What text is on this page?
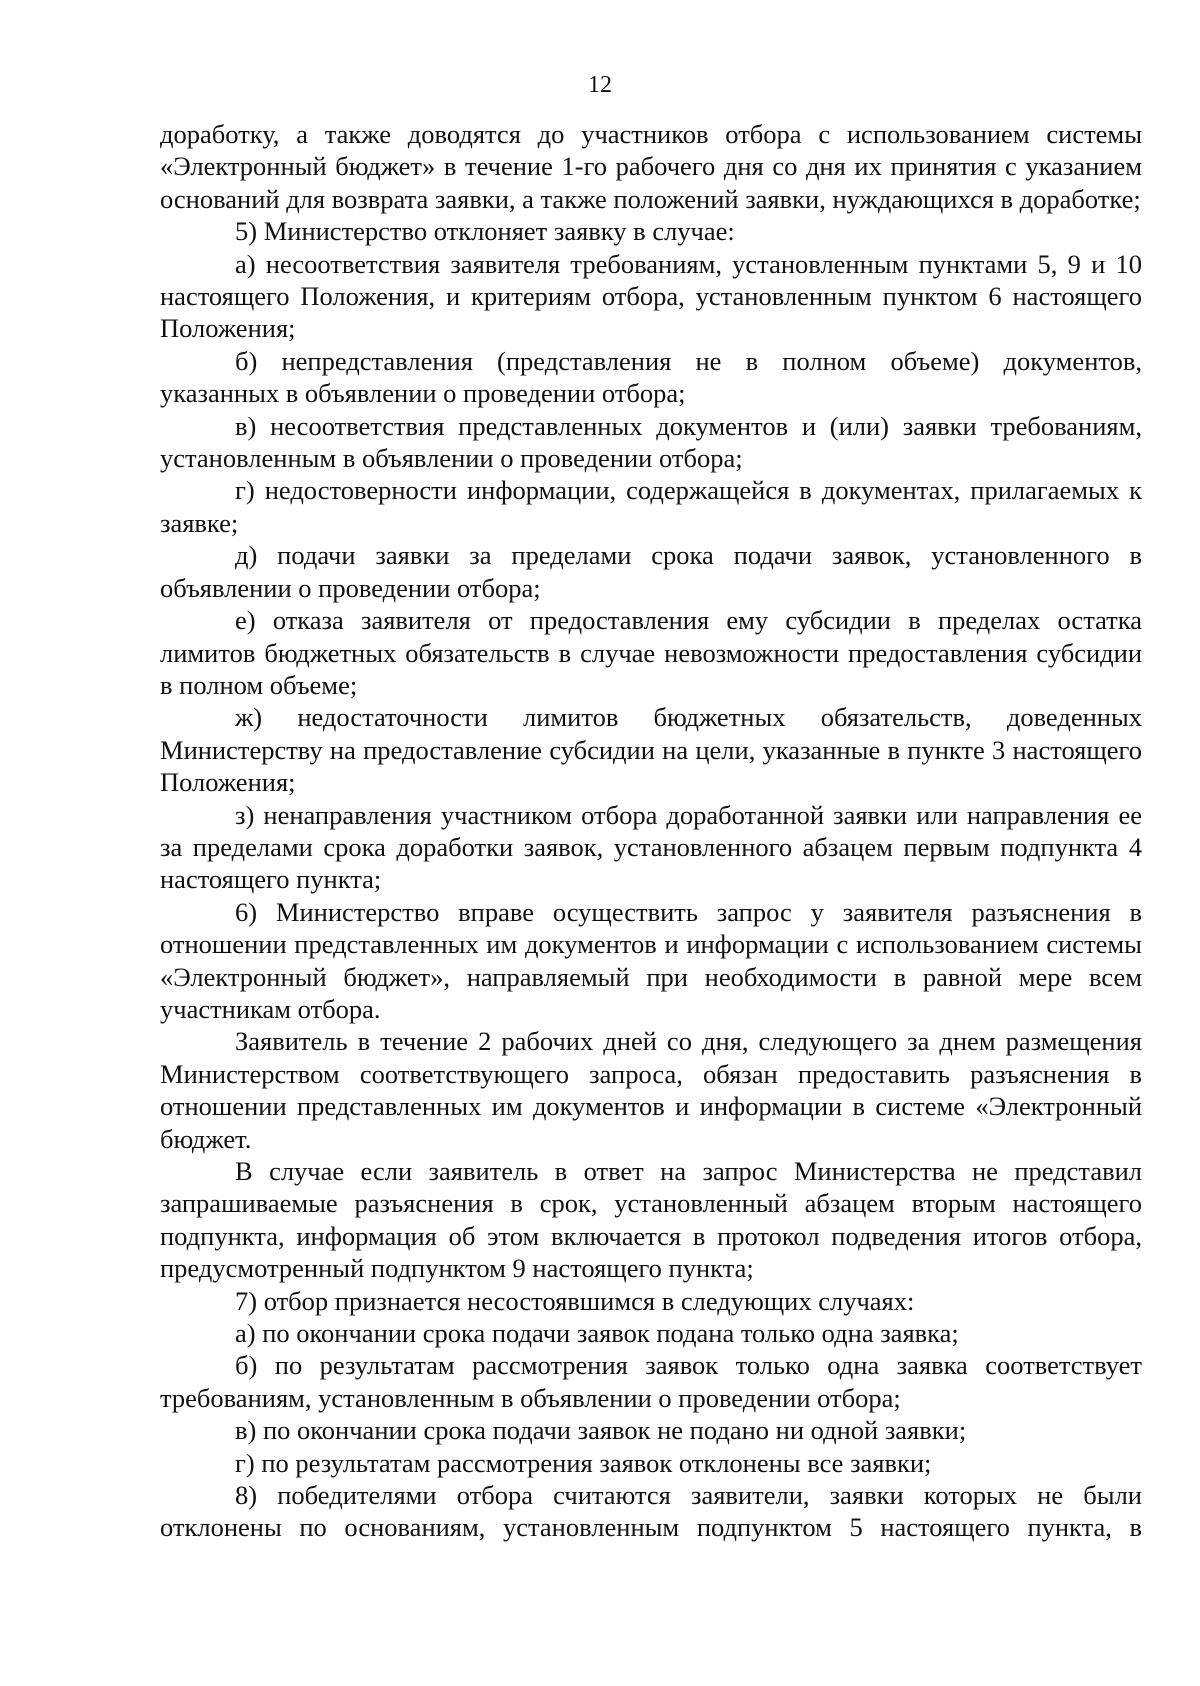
12

доработку, а также доводятся до участников отбора с использованием системы «Электронный бюджет» в течение 1-го рабочего дня со дня их принятия с указанием оснований для возврата заявки, а также положений заявки, нуждающихся в доработке;

5) Министерство отклоняет заявку в случае:

а) несоответствия заявителя требованиям, установленным пунктами 5, 9 и 10 настоящего Положения, и критериям отбора, установленным пунктом 6 настоящего Положения;

б) непредставления (представления не в полном объеме) документов, указанных в объявлении о проведении отбора;

в) несоответствия представленных документов и (или) заявки требованиям, установленным в объявлении о проведении отбора;

г) недостоверности информации, содержащейся в документах, прилагаемых к заявке;

д) подачи заявки за пределами срока подачи заявок, установленного в объявлении о проведении отбора;

е) отказа заявителя от предоставления ему субсидии в пределах остатка лимитов бюджетных обязательств в случае невозможности предоставления субсидии в полном объеме;

ж) недостаточности лимитов бюджетных обязательств, доведенных Министерству на предоставление субсидии на цели, указанные в пункте 3 настоящего Положения;

з) ненаправления участником отбора доработанной заявки или направления ее за пределами срока доработки заявок, установленного абзацем первым подпункта 4 настоящего пункта;

6) Министерство вправе осуществить запрос у заявителя разъяснения в отношении представленных им документов и информации с использованием системы «Электронный бюджет», направляемый при необходимости в равной мере всем участникам отбора.

Заявитель в течение 2 рабочих дней со дня, следующего за днем размещения Министерством соответствующего запроса, обязан предоставить разъяснения в отношении представленных им документов и информации в системе «Электронный бюджет.

В случае если заявитель в ответ на запрос Министерства не представил запрашиваемые разъяснения в срок, установленный абзацем вторым настоящего подпункта, информация об этом включается в протокол подведения итогов отбора, предусмотренный подпунктом 9 настоящего пункта;

7) отбор признается несостоявшимся в следующих случаях:

а) по окончании срока подачи заявок подана только одна заявка;

б) по результатам рассмотрения заявок только одна заявка соответствует требованиям, установленным в объявлении о проведении отбора;

в) по окончании срока подачи заявок не подано ни одной заявки;

г) по результатам рассмотрения заявок отклонены все заявки;

8) победителями отбора считаются заявители, заявки которых не были отклонены по основаниям, установленным подпунктом 5 настоящего пункта, в
